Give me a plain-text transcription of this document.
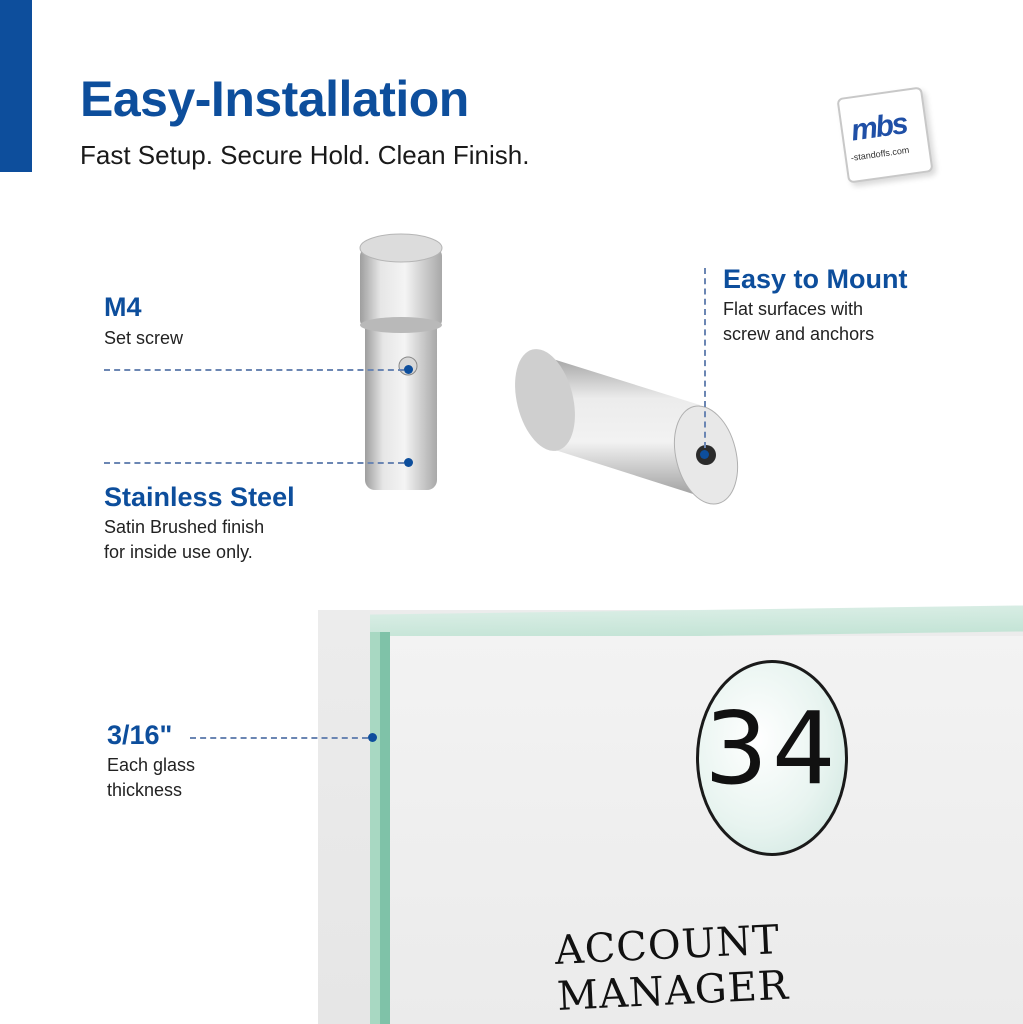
Easy-Installation

Fast Setup. Secure Hold. Clean Finish.

mbs
-standoffs.com
M4

Set screw

Stainless Steel

Satin Brushed finish
for inside use only.

Easy to Mount

Flat surfaces with
screw and anchors

34

ACCOUNT MANAGER

3/16"

Each glass
thickness
